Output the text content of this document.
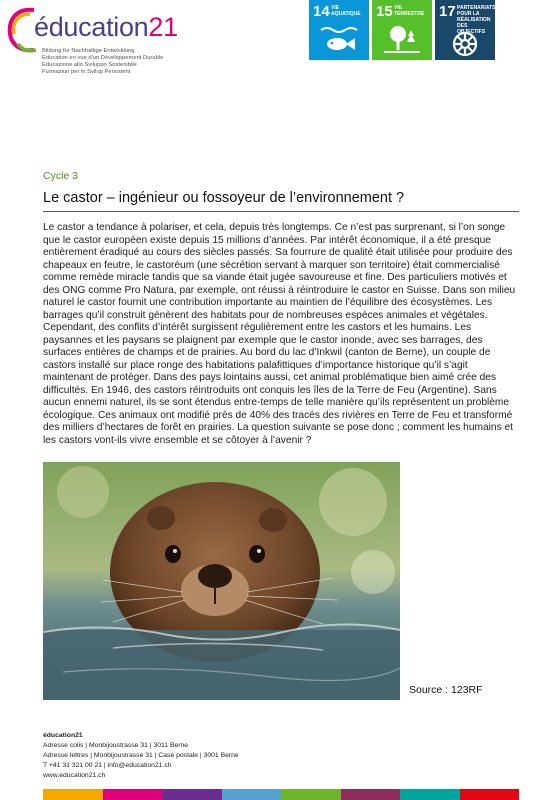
éducation21
Bildung für Nachhaltige Entwicklung
Education en vue d'un Développement Durable
Educazione allo Sviluppo Sostenibile
Furmaziun per in Svilup Persistent
14 VIE AQUATIQUE	15 VIE TERRESTRE 17 PARTENARIATS POUR LA RÉALISATION DES OBJECTIFS
Cycle 3
Le castor – ingénieur ou fossoyeur de l’environnement ?

Le castor a tendance à polariser, et cela, depuis très longtemps. Ce n’est pas surprenant, si l’on songe que le castor européen existe depuis 15 millions d’années. Par intérêt économique, il a été presque entièrement éradiqué au cours des siècles passés. Sa fourrure de qualité était utilisée pour produire des chapeaux en feutre, le castoréum (une sécrétion servant à marquer son territoire) était commercialisé comme remède miracle tandis que sa viande était jugée savoureuse et fine. Des particuliers motivés et des ONG comme Pro Natura, par exemple, ont réussi à réintroduire le castor en Suisse. Dans son milieu naturel le castor fournit une contribution importante au maintien de l’équilibre des écosystèmes. Les barrages qu’il construit génèrent des habitats pour de nombreuses espèces animales et végétales. Cependant, des conflits d’intérêt surgissent régulièrement entre les castors et les humains. Les paysannes et les paysans se plaignent par exemple que le castor inonde, avec ses barrages, des surfaces entières de champs et de prairies. Au bord du lac d’Inkwil (canton de Berne), un couple de castors installé sur place ronge des habitations palafittiques d’importance historique qu’il s’agit maintenant de protéger. Dans des pays lointains aussi, cet animal problématique bien aimé crée des difficultés. En 1946, des castors réintroduits ont conquis les îles de la Terre de Feu (Argentine). Sans aucun ennemi naturel, ils se sont étendus entre-temps de telle manière qu’ils représentent un problème écologique. Ces animaux ont modifié près de 40% des tracés des rivières en Terre de Feu et transformé des milliers d’hectares de forêt en prairies. La question suivante se pose donc ; comment les humains et les castors vont-ils vivre ensemble et se côtoyer à l’avenir ?

Source : 123RF
éducation21
Adresse colis | Monbijoustrasse 31 | 3011 Berne
Adresse lettres | Monbijoustrasse 31 | Case postale | 3001 Berne
T +41 31 321 00 21 | info@education21.ch
www.education21.ch
